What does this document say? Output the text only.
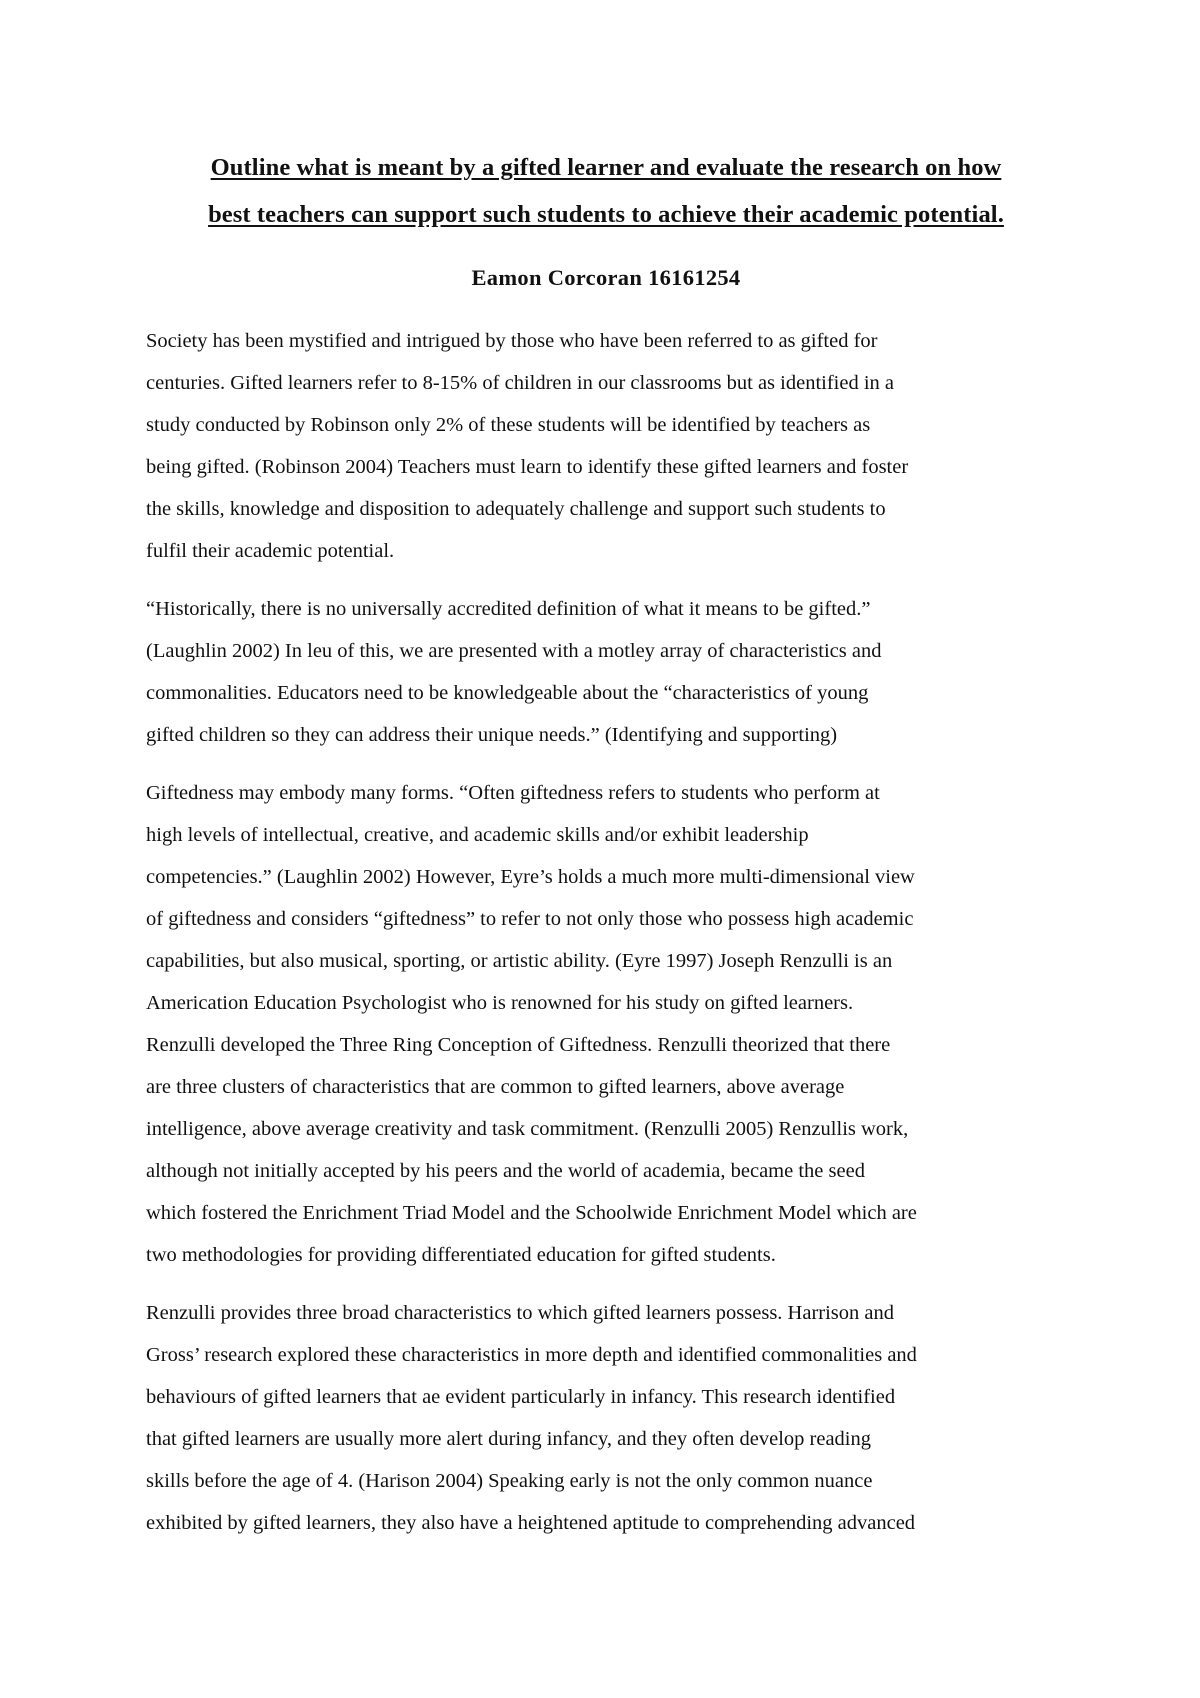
Outline what is meant by a gifted learner and evaluate the research on how
best teachers can support such students to achieve their academic potential.
Eamon Corcoran 16161254
Society has been mystified and intrigued by those who have been referred to as gifted for
centuries. Gifted learners refer to 8-15% of children in our classrooms but as identified in a
study conducted by Robinson only 2% of these students will be identified by teachers as
being gifted. (Robinson 2004) Teachers must learn to identify these gifted learners and foster
the skills, knowledge and disposition to adequately challenge and support such students to
fulfil their academic potential.
“Historically, there is no universally accredited definition of what it means to be gifted.”
(Laughlin 2002) In leu of this, we are presented with a motley array of characteristics and
commonalities. Educators need to be knowledgeable about the “characteristics of young
gifted children so they can address their unique needs.” (Identifying and supporting)
Giftedness may embody many forms. “Often giftedness refers to students who perform at
high levels of intellectual, creative, and academic skills and/or exhibit leadership
competencies.” (Laughlin 2002) However, Eyre’s holds a much more multi-dimensional view
of giftedness and considers “giftedness” to refer to not only those who possess high academic
capabilities, but also musical, sporting, or artistic ability. (Eyre 1997) Joseph Renzulli is an
Americation Education Psychologist who is renowned for his study on gifted learners.
Renzulli developed the Three Ring Conception of Giftedness. Renzulli theorized that there
are three clusters of characteristics that are common to gifted learners, above average
intelligence, above average creativity and task commitment. (Renzulli 2005) Renzullis work,
although not initially accepted by his peers and the world of academia, became the seed
which fostered the Enrichment Triad Model and the Schoolwide Enrichment Model which are
two methodologies for providing differentiated education for gifted students.
Renzulli provides three broad characteristics to which gifted learners possess. Harrison and
Gross’ research explored these characteristics in more depth and identified commonalities and
behaviours of gifted learners that ae evident particularly in infancy. This research identified
that gifted learners are usually more alert during infancy, and they often develop reading
skills before the age of 4. (Harison 2004) Speaking early is not the only common nuance
exhibited by gifted learners, they also have a heightened aptitude to comprehending advanced
